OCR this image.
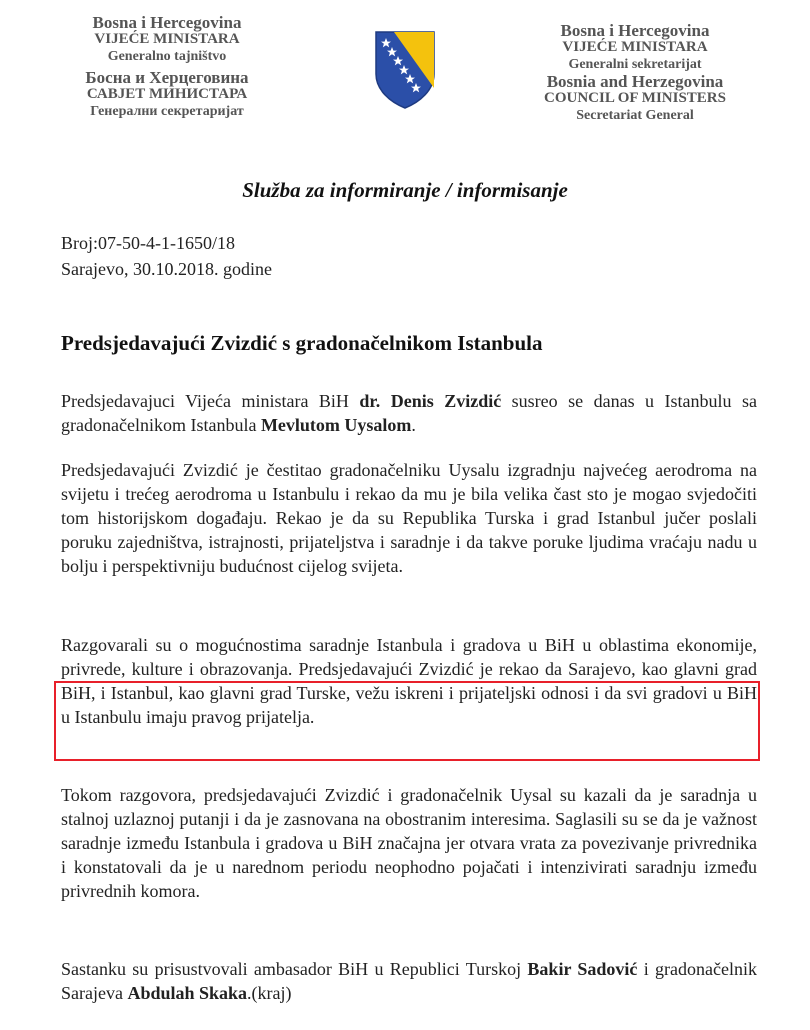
Bosna i Hercegovina
VIJEĆE MINISTARA
Generalno tajništvo
Босна и Херцеговина
САВЈЕТ МИНИСТАРА
Генерални секретаријат
Bosna i Hercegovina
VIJEĆE MINISTARA
Generalni sekretarijat
Bosnia and Herzegovina
COUNCIL OF MINISTERS
Secretariat General
Služba za informiranje / informisanje
Broj:07-50-4-1-1650/18
Sarajevo, 30.10.2018. godine
Predsjedavajući Zvizdić s gradonačelnikom Istanbula
Predsjedavajuci Vijeća ministara BiH dr. Denis Zvizdić susreo se danas u Istanbulu sa gradonačelnikom Istanbula Mevlutom Uysalom.
Predsjedavajući Zvizdić je čestitao gradonačelniku Uysalu izgradnju najvećeg aerodroma na svijetu i trećeg aerodroma u Istanbulu i rekao da mu je bila velika čast sto je mogao svjedočiti tom historijskom događaju. Rekao je da su Republika Turska i grad Istanbul jučer poslali poruku zajedništva, istrajnosti, prijateljstva i saradnje i da takve poruke ljudima vraćaju nadu u bolju i perspektivniju budućnost cijelog svijeta.
Razgovarali su o mogućnostima saradnje Istanbula i gradova u BiH u oblastima ekonomije, privrede, kulture i obrazovanja. Predsjedavajući Zvizdić je rekao da Sarajevo, kao glavni grad BiH, i Istanbul, kao glavni grad Turske, vežu iskreni i prijateljski odnosi i da svi gradovi u BiH u Istanbulu imaju pravog prijatelja.
Tokom razgovora, predsjedavajući Zvizdić i gradonačelnik Uysal su kazali da je saradnja u stalnoj uzlaznoj putanji i da je zasnovana na obostranim interesima. Saglasili su se da je važnost saradnje između Istanbula i gradova u BiH značajna jer otvara vrata za povezivanje privrednika i konstatovali da je u narednom periodu neophodno pojačati i intenzivirati saradnju između privrednih komora.
Sastanku su prisustvovali ambasador BiH u Republici Turskoj Bakir Sadović i gradonačelnik Sarajeva Abdulah Skaka.(kraj)
